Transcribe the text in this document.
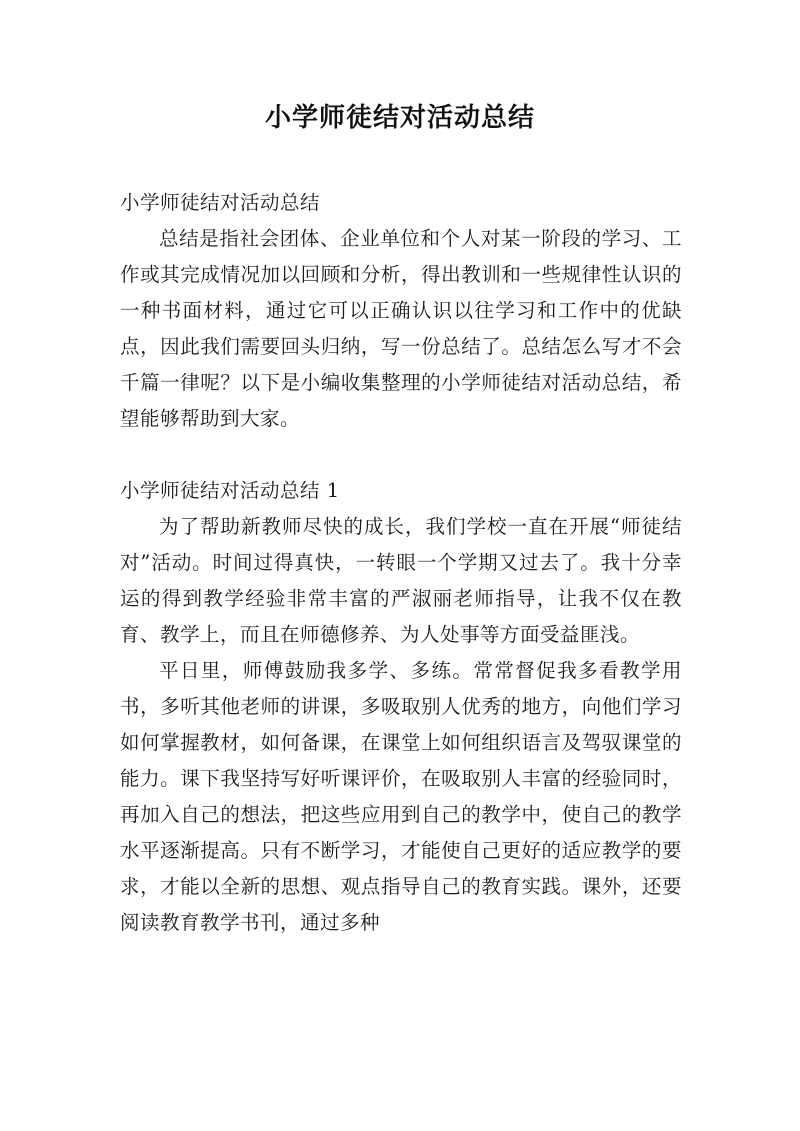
小学师徒结对活动总结

小学师徒结对活动总结

总结是指社会团体、企业单位和个人对某一阶段的学习、工作或其完成情况加以回顾和分析，得出教训和一些规律性认识的一种书面材料，通过它可以正确认识以往学习和工作中的优缺点，因此我们需要回头归纳，写一份总结了。总结怎么写才不会千篇一律呢？以下是小编收集整理的小学师徒结对活动总结，希望能够帮助到大家。

小学师徒结对活动总结 1

为了帮助新教师尽快的成长，我们学校一直在开展“师徒结对”活动。时间过得真快，一转眼一个学期又过去了。我十分幸运的得到教学经验非常丰富的严淑丽老师指导，让我不仅在教育、教学上，而且在师德修养、为人处事等方面受益匪浅。

平日里，师傅鼓励我多学、多练。常常督促我多看教学用书，多听其他老师的讲课，多吸取别人优秀的地方，向他们学习如何掌握教材，如何备课，在课堂上如何组织语言及驾驭课堂的能力。课下我坚持写好听课评价，在吸取别人丰富的经验同时，再加入自己的想法，把这些应用到自己的教学中，使自己的教学水平逐渐提高。只有不断学习，才能使自己更好的适应教学的要求，才能以全新的思想、观点指导自己的教育实践。课外，还要阅读教育教学书刊，通过多种
